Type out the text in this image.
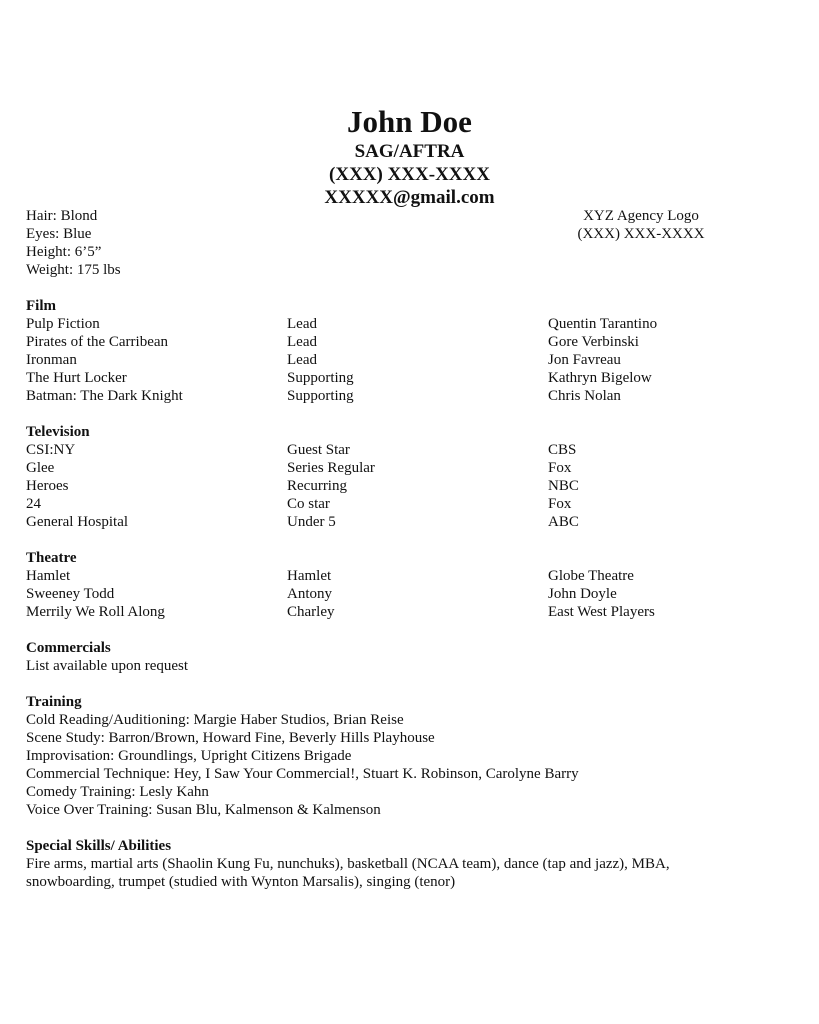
John Doe
SAG/AFTRA
(XXX) XXX-XXXX
XXXXX@gmail.com
Hair: Blond
Eyes: Blue
Height: 6’5”
Weight: 175 lbs
XYZ Agency Logo
(XXX) XXX-XXXX
Film
Pulp Fiction	Lead	Quentin Tarantino
Pirates of the Carribean	Lead	Gore Verbinski
Ironman	Lead	Jon Favreau
The Hurt Locker	Supporting	Kathryn Bigelow
Batman: The Dark Knight	Supporting	Chris Nolan
Television
CSI:NY	Guest Star	CBS
Glee	Series Regular	Fox
Heroes	Recurring	NBC
24	Co star	Fox
General Hospital	Under 5	ABC
Theatre
Hamlet	Hamlet	Globe Theatre
Sweeney Todd	Antony	John Doyle
Merrily We Roll Along	Charley	East West Players
Commercials
List available upon request
Training
Cold Reading/Auditioning: Margie Haber Studios, Brian Reise
Scene Study: Barron/Brown, Howard Fine, Beverly Hills Playhouse
Improvisation: Groundlings, Upright Citizens Brigade
Commercial Technique: Hey, I Saw Your Commercial!, Stuart K. Robinson, Carolyne Barry
Comedy Training: Lesly Kahn
Voice Over Training: Susan Blu, Kalmenson & Kalmenson
Special Skills/ Abilities
Fire arms, martial arts (Shaolin Kung Fu, nunchuks), basketball (NCAA team), dance (tap and jazz), MBA, snowboarding, trumpet (studied with Wynton Marsalis), singing (tenor)
